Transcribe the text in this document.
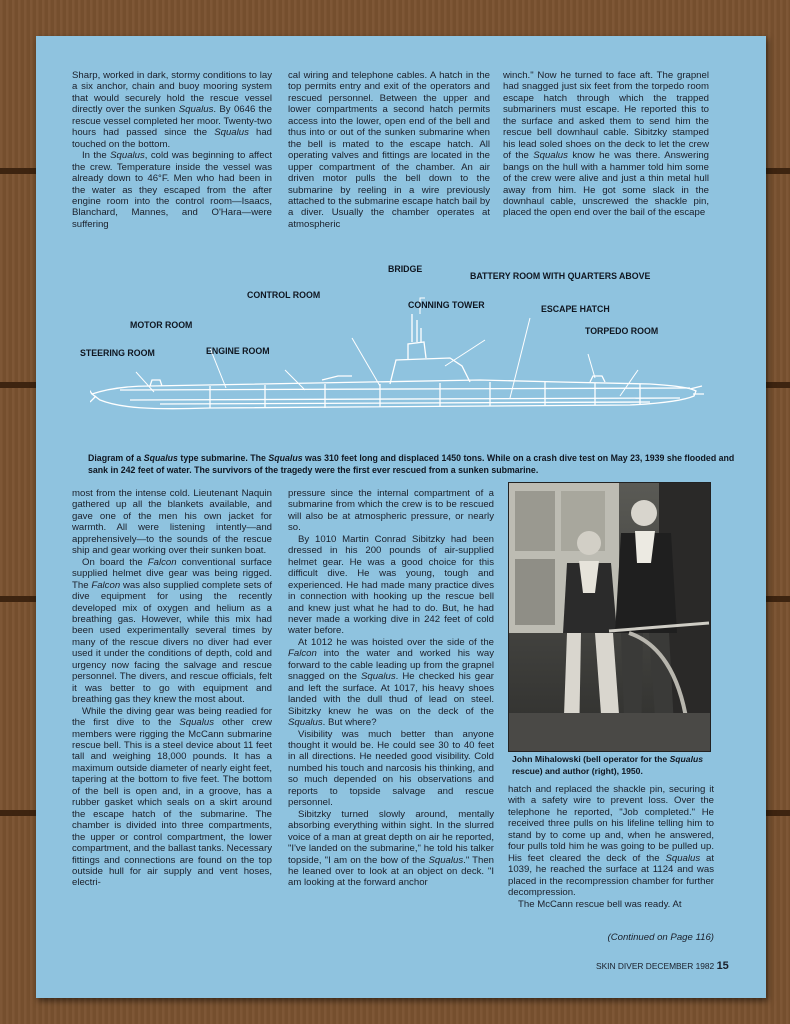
Sharp, worked in dark, stormy conditions to lay a six anchor, chain and buoy mooring system that would securely hold the rescue vessel directly over the sunken Squalus. By 0646 the rescue vessel completed her moor. Twenty-two hours had passed since the Squalus had touched on the bottom.

In the Squalus, cold was beginning to affect the crew. Temperature inside the vessel was already down to 46°F. Men who had been in the water as they escaped from the after engine room into the control room—Isaacs, Blanchard, Mannes, and O'Hara—were suffering

cal wiring and telephone cables. A hatch in the top permits entry and exit of the operators and rescued personnel. Between the upper and lower compartments a second hatch permits access into the lower, open end of the bell and thus into or out of the sunken submarine when the bell is mated to the escape hatch. All operating valves and fittings are located in the upper compartment of the chamber. An air driven motor pulls the bell down to the submarine by reeling in a wire previously attached to the submarine escape hatch bail by a diver. Usually the chamber operates at atmospheric

winch." Now he turned to face aft. The grapnel had snagged just six feet from the torpedo room escape hatch through which the trapped submariners must escape. He reported this to the surface and asked them to send him the rescue bell downhaul cable. Sibitzky stamped his lead soled shoes on the deck to let the crew of the Squalus know he was there. Answering bangs on the hull with a hammer told him some of the crew were alive and just a thin metal hull away from him. He got some slack in the downhaul cable, unscrewed the shackle pin, placed the open end over the bail of the escape

BRIDGE
BATTERY ROOM WITH QUARTERS ABOVE
CONTROL ROOM
CONNING TOWER	ESCAPE HATCH
MOTOR ROOM
TORPEDO ROOM
STEERING ROOM	ENGINE ROOM
Diagram of a Squalus type submarine. The Squalus was 310 feet long and displaced 1450 tons. While on a crash dive test on May 23, 1939 she flooded and sank in 242 feet of water. The survivors of the tragedy were the first ever rescued from a sunken submarine.

most from the intense cold. Lieutenant Naquin gathered up all the blankets available, and gave one of the men his own jacket for warmth. All were listening intently—and apprehensively—to the sounds of the rescue ship and gear working over their sunken boat.

On board the Falcon conventional surface supplied helmet dive gear was being rigged. The Falcon was also supplied complete sets of dive equipment for using the recently developed mix of oxygen and helium as a breathing gas. However, while this mix had been used experimentally several times by many of the rescue divers no diver had ever used it under the conditions of depth, cold and urgency now facing the salvage and rescue personnel. The divers, and rescue officials, felt it was better to go with equipment and breathing gas they knew the most about.

While the diving gear was being readied for the first dive to the Squalus other crew members were rigging the McCann submarine rescue bell. This is a steel device about 11 feet tall and weighing 18,000 pounds. It has a maximum outside diameter of nearly eight feet, tapering at the bottom to five feet. The bottom of the bell is open and, in a groove, has a rubber gasket which seals on a skirt around the escape hatch of the submarine. The chamber is divided into three compartments, the upper or control compartment, the lower compartment, and the ballast tanks. Necessary fittings and connections are found on the top outside hull for air supply and vent hoses, electri-

pressure since the internal compartment of a submarine from which the crew is to be rescued will also be at atmospheric pressure, or nearly so.

By 1010 Martin Conrad Sibitzky had been dressed in his 200 pounds of air-supplied helmet gear. He was a good choice for this difficult dive. He was young, tough and experienced. He had made many practice dives in connection with hooking up the rescue bell and knew just what he had to do. But, he had never made a working dive in 242 feet of cold water before.

At 1012 he was hoisted over the side of the Falcon into the water and worked his way forward to the cable leading up from the grapnel snagged on the Squalus. He checked his gear and left the surface. At 1017, his heavy shoes landed with the dull thud of lead on steel. Sibitzky knew he was on the deck of the Squalus. But where?

Visibility was much better than anyone thought it would be. He could see 30 to 40 feet in all directions. He needed good visibility. Cold numbed his touch and narcosis his thinking, and so much depended on his observations and reports to topside salvage and rescue personnel.

Sibitzky turned slowly around, mentally absorbing everything within sight. In the slurred voice of a man at great depth on air he reported, "I've landed on the submarine," he told his talker topside, "I am on the bow of the Squalus." Then he leaned over to look at an object on deck. "I am looking at the forward anchor

John Mihalowski (bell operator for the Squalus rescue) and author (right), 1950.

hatch and replaced the shackle pin, securing it with a safety wire to prevent loss. Over the telephone he reported, "Job completed." He received three pulls on his lifeline telling him to stand by to come up and, when he answered, four pulls told him he was going to be pulled up. His feet cleared the deck of the Squalus at 1039, he reached the surface at 1124 and was placed in the recompression chamber for further decompression.

The McCann rescue bell was ready. At

(Continued on Page 116)

SKIN DIVER DECEMBER 1982 15
